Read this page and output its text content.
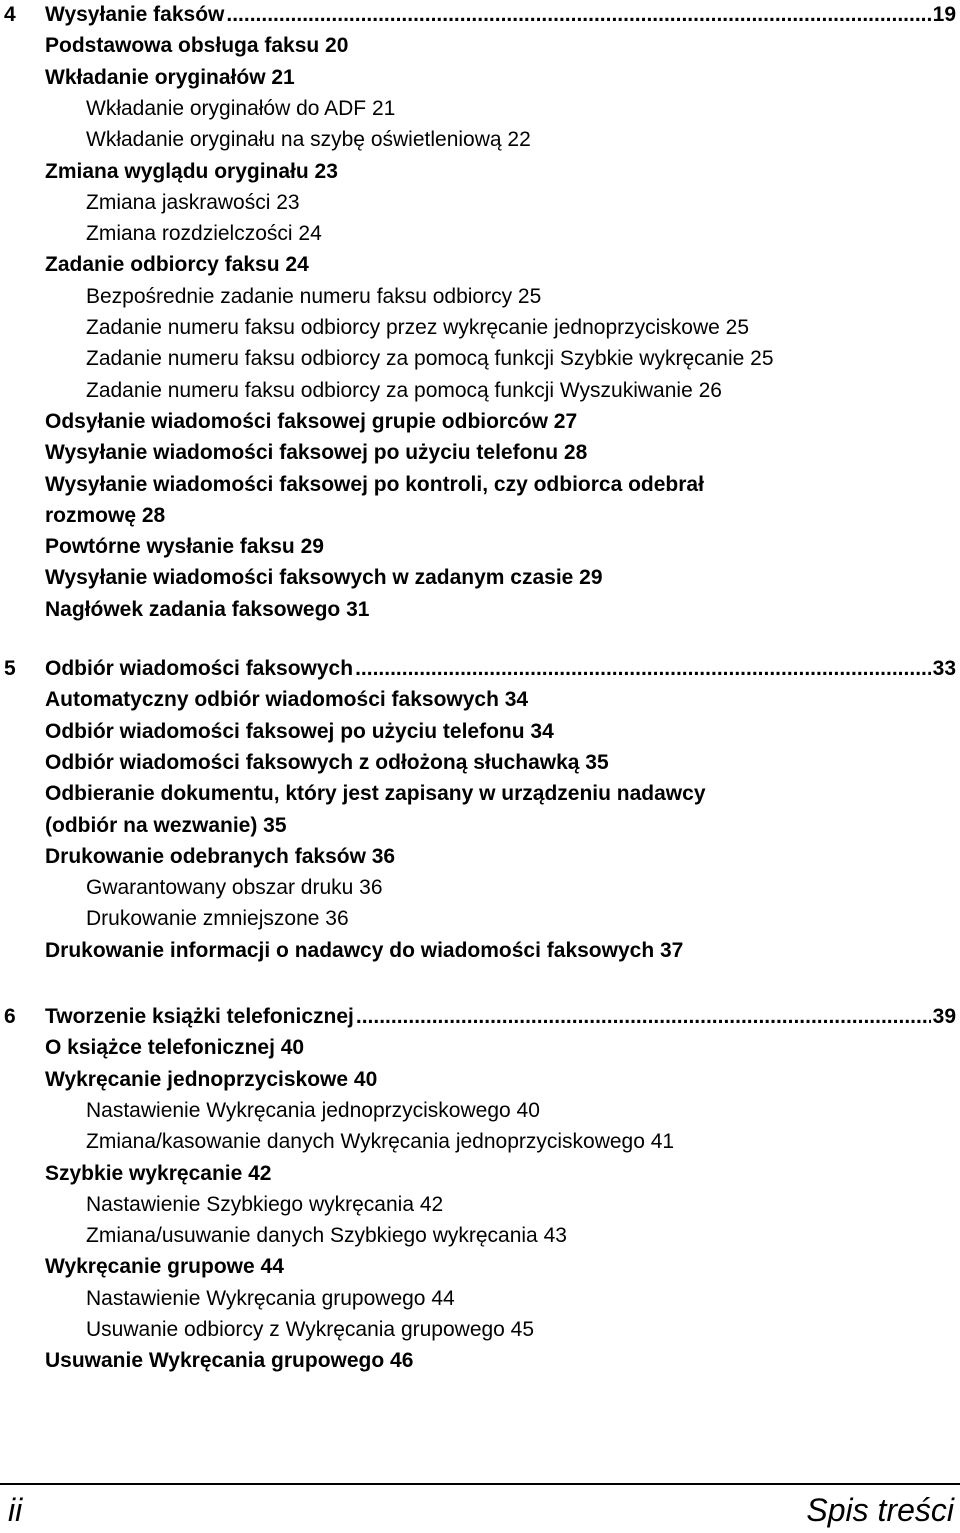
4	Wysyłanie faksów .....	19
Podstawowa obsługa faksu 20
Wkładanie oryginałów 21
Wkładanie oryginałów do ADF 21
Wkładanie oryginału na szybę oświetleniową 22
Zmiana wyglądu oryginału 23
Zmiana jaskrawości 23
Zmiana rozdzielczości 24
Zadanie odbiorcy faksu 24
Bezpośrednie zadanie numeru faksu odbiorcy 25
Zadanie numeru faksu odbiorcy przez wykręcanie jednoprzyciskowe 25
Zadanie numeru faksu odbiorcy za pomocą funkcji Szybkie wykręcanie 25
Zadanie numeru faksu odbiorcy za pomocą funkcji Wyszukiwanie 26
Odsyłanie wiadomości faksowej grupie odbiorców 27
Wysyłanie wiadomości faksowej po użyciu telefonu 28
Wysyłanie wiadomości faksowej po kontroli, czy odbiorca odebrał
rozmowę 28
Powtórne wysłanie faksu 29
Wysyłanie wiadomości faksowych w zadanym czasie 29
Nagłówek zadania faksowego 31
5	Odbiór wiadomości faksowych .....	33
Automatyczny odbiór wiadomości faksowych 34
Odbiór wiadomości faksowej po użyciu telefonu 34
Odbiór wiadomości faksowych z odłożoną słuchawką 35
Odbieranie dokumentu, który jest zapisany w urządzeniu nadawcy
(odbiór na wezwanie) 35
Drukowanie odebranych faksów 36
Gwarantowany obszar druku 36
Drukowanie zmniejszone 36
Drukowanie informacji o nadawcy do wiadomości faksowych 37
6	Tworzenie książki telefonicznej .....	39
O książce telefonicznej 40
Wykręcanie jednoprzyciskowe 40
Nastawienie Wykręcania jednoprzyciskowego 40
Zmiana/kasowanie danych Wykręcania jednoprzyciskowego 41
Szybkie wykręcanie 42
Nastawienie Szybkiego wykręcania 42
Zmiana/usuwanie danych Szybkiego wykręcania 43
Wykręcanie grupowe 44
Nastawienie Wykręcania grupowego 44
Usuwanie odbiorcy z Wykręcania grupowego 45
Usuwanie Wykręcania grupowego 46
ii	Spis treści
